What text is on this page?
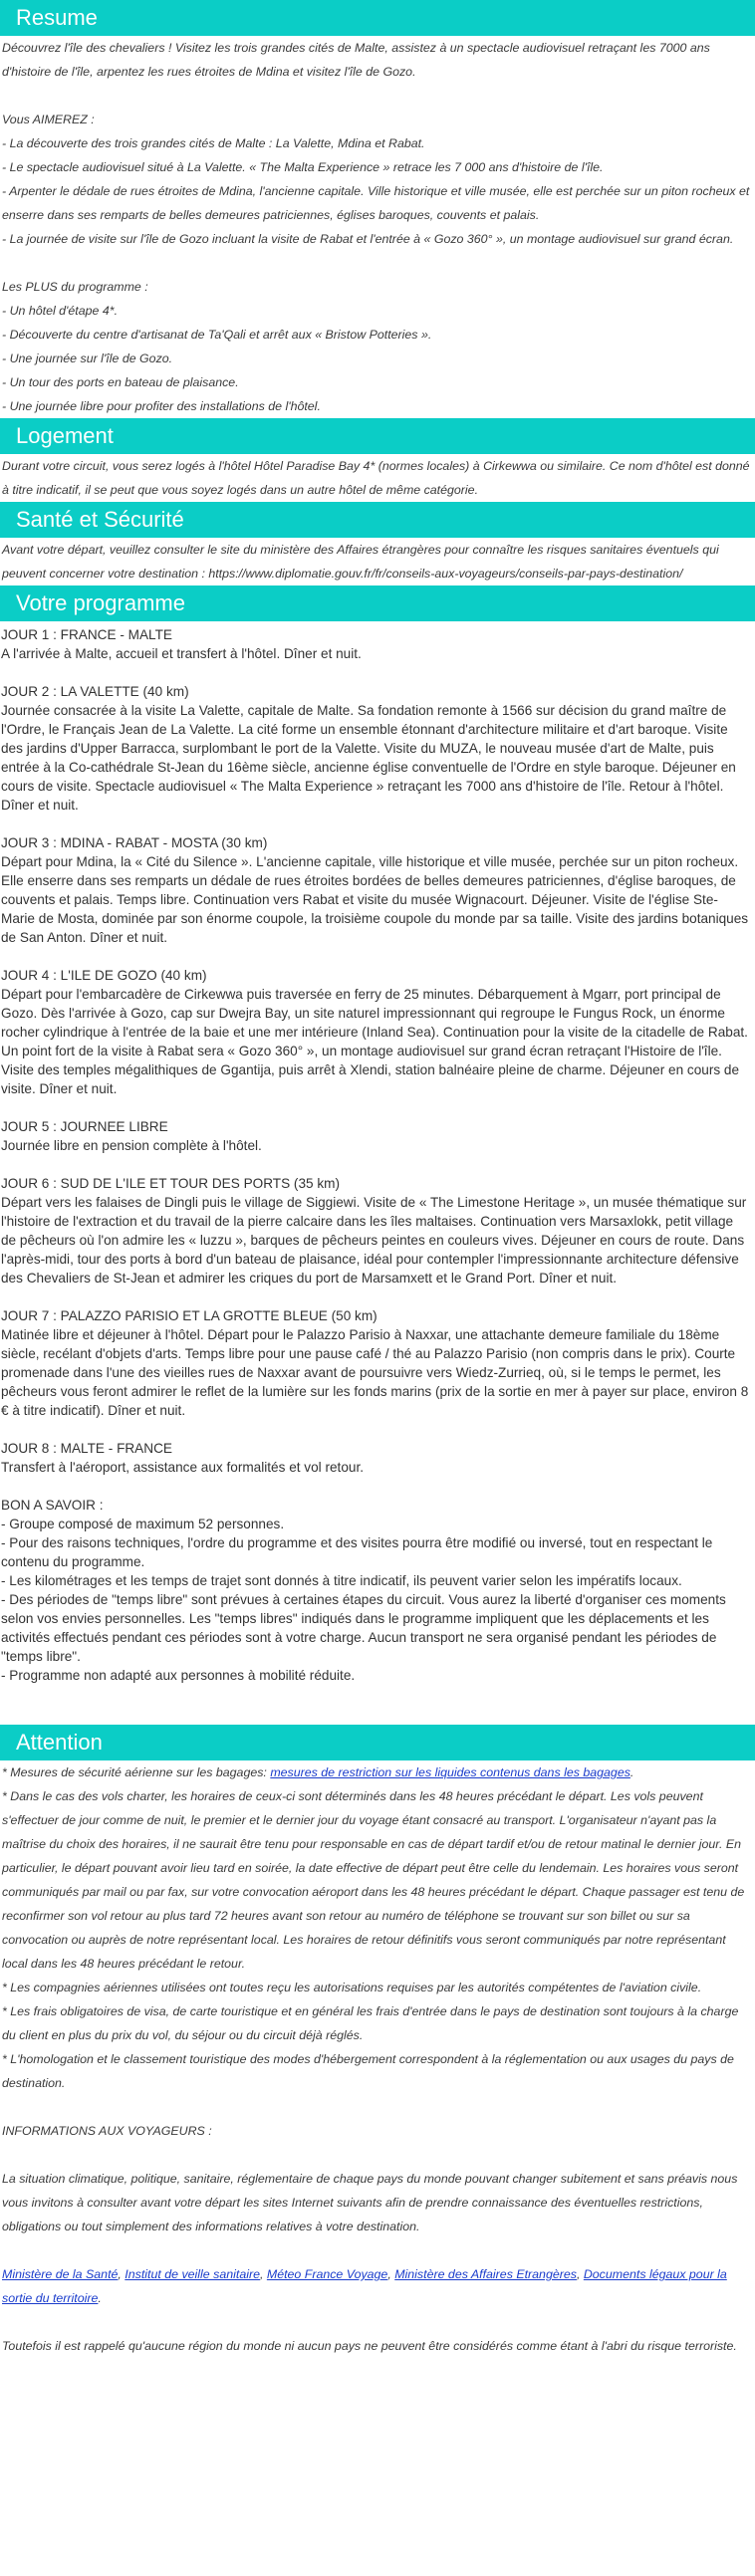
Resume

Découvrez l'île des chevaliers ! Visitez les trois grandes cités de Malte, assistez à un spectacle audiovisuel retraçant les 7000 ans d'histoire de l'île, arpentez les rues étroites de Mdina et visitez l'île de Gozo.

Vous AIMEREZ :

- La découverte des trois grandes cités de Malte : La Valette, Mdina et Rabat.

- Le spectacle audiovisuel situé à La Valette. « The Malta Experience » retrace les 7 000 ans d'histoire de l'île.

- Arpenter le dédale de rues étroites de Mdina, l'ancienne capitale. Ville historique et ville musée, elle est perchée sur un piton rocheux et enserre dans ses remparts de belles demeures patriciennes, églises baroques, couvents et palais.

- La journée de visite sur l'île de Gozo incluant la visite de Rabat et l'entrée à « Gozo 360° », un montage audiovisuel sur grand écran.

Les PLUS du programme :

- Un hôtel d'étape 4*.

- Découverte du centre d'artisanat de Ta'Qali et arrêt aux « Bristow Potteries ».

- Une journée sur l'île de Gozo.

- Un tour des ports en bateau de plaisance.

- Une journée libre pour profiter des installations de l'hôtel.

Logement

Durant votre circuit, vous serez logés à l'hôtel Hôtel Paradise Bay 4* (normes locales) à Cirkewwa ou similaire. Ce nom d'hôtel est donné à titre indicatif, il se peut que vous soyez logés dans un autre hôtel de même catégorie.

Santé et Sécurité

Avant votre départ, veuillez consulter le site du ministère des Affaires étrangères pour connaître les risques sanitaires éventuels qui peuvent concerner votre destination : https://www.diplomatie.gouv.fr/fr/conseils-aux-voyageurs/conseils-par-pays-destination/

Votre programme

JOUR 1 : FRANCE - MALTE

A l'arrivée à Malte, accueil et transfert à l'hôtel. Dîner et nuit.

JOUR 2 : LA VALETTE (40 km)

Journée consacrée à la visite La Valette, capitale de Malte. Sa fondation remonte à 1566 sur décision du grand maître de l'Ordre, le Français Jean de La Valette. La cité forme un ensemble étonnant d'architecture militaire et d'art baroque. Visite des jardins d'Upper Barracca, surplombant le port de la Valette. Visite du MUZA, le nouveau musée d'art de Malte, puis entrée à la Co-cathédrale St-Jean du 16ème siècle, ancienne église conventuelle de l'Ordre en style baroque. Déjeuner en cours de visite. Spectacle audiovisuel « The Malta Experience » retraçant les 7000 ans d'histoire de l'île. Retour à l'hôtel. Dîner et nuit.

JOUR 3 : MDINA - RABAT - MOSTA (30 km)

Départ pour Mdina, la « Cité du Silence ». L'ancienne capitale, ville historique et ville musée, perchée sur un piton rocheux. Elle enserre dans ses remparts un dédale de rues étroites bordées de belles demeures patriciennes, d'église baroques, de couvents et palais. Temps libre. Continuation vers Rabat et visite du musée Wignacourt. Déjeuner. Visite de l'église Ste-Marie de Mosta, dominée par son énorme coupole, la troisième coupole du monde par sa taille. Visite des jardins botaniques de San Anton. Dîner et nuit.

JOUR 4 : L'ILE DE GOZO (40 km)

Départ pour l'embarcadère de Cirkewwa puis traversée en ferry de 25 minutes. Débarquement à Mgarr, port principal de Gozo. Dès l'arrivée à Gozo, cap sur Dwejra Bay, un site naturel impressionnant qui regroupe le Fungus Rock, un énorme rocher cylindrique à l'entrée de la baie et une mer intérieure (Inland Sea). Continuation pour la visite de la citadelle de Rabat. Un point fort de la visite à Rabat sera « Gozo 360° », un montage audiovisuel sur grand écran retraçant l'Histoire de l'île. Visite des temples mégalithiques de Ggantija, puis arrêt à Xlendi, station balnéaire pleine de charme. Déjeuner en cours de visite. Dîner et nuit.

JOUR 5 : JOURNEE LIBRE

Journée libre en pension complète à l'hôtel.

JOUR 6 : SUD DE L'ILE ET TOUR DES PORTS (35 km)

Départ vers les falaises de Dingli puis le village de Siggiewi. Visite de « The Limestone Heritage », un musée thématique sur l'histoire de l'extraction et du travail de la pierre calcaire dans les îles maltaises. Continuation vers Marsaxlokk, petit village de pêcheurs où l'on admire les « luzzu », barques de pêcheurs peintes en couleurs vives. Déjeuner en cours de route. Dans l'après-midi, tour des ports à bord d'un bateau de plaisance, idéal pour contempler l'impressionnante architecture défensive des Chevaliers de St-Jean et admirer les criques du port de Marsamxett et le Grand Port. Dîner et nuit.

JOUR 7 : PALAZZO PARISIO ET LA GROTTE BLEUE (50 km)

Matinée libre et déjeuner à l'hôtel. Départ pour le Palazzo Parisio à Naxxar, une attachante demeure familiale du 18ème siècle, recélant d'objets d'arts. Temps libre pour une pause café / thé au Palazzo Parisio (non compris dans le prix). Courte promenade dans l'une des vieilles rues de Naxxar avant de poursuivre vers Wiedz-Zurrieq, où, si le temps le permet, les pêcheurs vous feront admirer le reflet de la lumière sur les fonds marins (prix de la sortie en mer à payer sur place, environ 8 € à titre indicatif). Dîner et nuit.

JOUR 8 : MALTE - FRANCE

Transfert à l'aéroport, assistance aux formalités et vol retour.

BON A SAVOIR :

- Groupe composé de maximum 52 personnes.

- Pour des raisons techniques, l'ordre du programme et des visites pourra être modifié ou inversé, tout en respectant le contenu du programme.

- Les kilométrages et les temps de trajet sont donnés à titre indicatif, ils peuvent varier selon les impératifs locaux.

- Des périodes de "temps libre" sont prévues à certaines étapes du circuit. Vous aurez la liberté d'organiser ces moments selon vos envies personnelles. Les "temps libres" indiqués dans le programme impliquent que les déplacements et les activités effectués pendant ces périodes sont à votre charge. Aucun transport ne sera organisé pendant les périodes de "temps libre".

- Programme non adapté aux personnes à mobilité réduite.

Attention

* Mesures de sécurité aérienne sur les bagages: mesures de restriction sur les liquides contenus dans les bagages.

* Dans le cas des vols charter, les horaires de ceux-ci sont déterminés dans les 48 heures précédant le départ. Les vols peuvent s'effectuer de jour comme de nuit, le premier et le dernier jour du voyage étant consacré au transport. L'organisateur n'ayant pas la maîtrise du choix des horaires, il ne saurait être tenu pour responsable en cas de départ tardif et/ou de retour matinal le dernier jour. En particulier, le départ pouvant avoir lieu tard en soirée, la date effective de départ peut être celle du lendemain. Les horaires vous seront communiqués par mail ou par fax, sur votre convocation aéroport dans les 48 heures précédant le départ. Chaque passager est tenu de reconfirmer son vol retour au plus tard 72 heures avant son retour au numéro de téléphone se trouvant sur son billet ou sur sa convocation ou auprès de notre représentant local. Les horaires de retour définitifs vous seront communiqués par notre représentant local dans les 48 heures précédant le retour.

* Les compagnies aériennes utilisées ont toutes reçu les autorisations requises par les autorités compétentes de l'aviation civile.

* Les frais obligatoires de visa, de carte touristique et en général les frais d'entrée dans le pays de destination sont toujours à la charge du client en plus du prix du vol, du séjour ou du circuit déjà réglés.

* L'homologation et le classement touristique des modes d'hébergement correspondent à la réglementation ou aux usages du pays de destination.

INFORMATIONS AUX VOYAGEURS :

La situation climatique, politique, sanitaire, réglementaire de chaque pays du monde pouvant changer subitement et sans préavis nous vous invitons à consulter avant votre départ les sites Internet suivants afin de prendre connaissance des éventuelles restrictions, obligations ou tout simplement des informations relatives à votre destination.

Ministère de la Santé, Institut de veille sanitaire, Méteo France Voyage, Ministère des Affaires Etrangères, Documents légaux pour la sortie du territoire.

Toutefois il est rappelé qu'aucune région du monde ni aucun pays ne peuvent être considérés comme étant à l'abri du risque terroriste.
